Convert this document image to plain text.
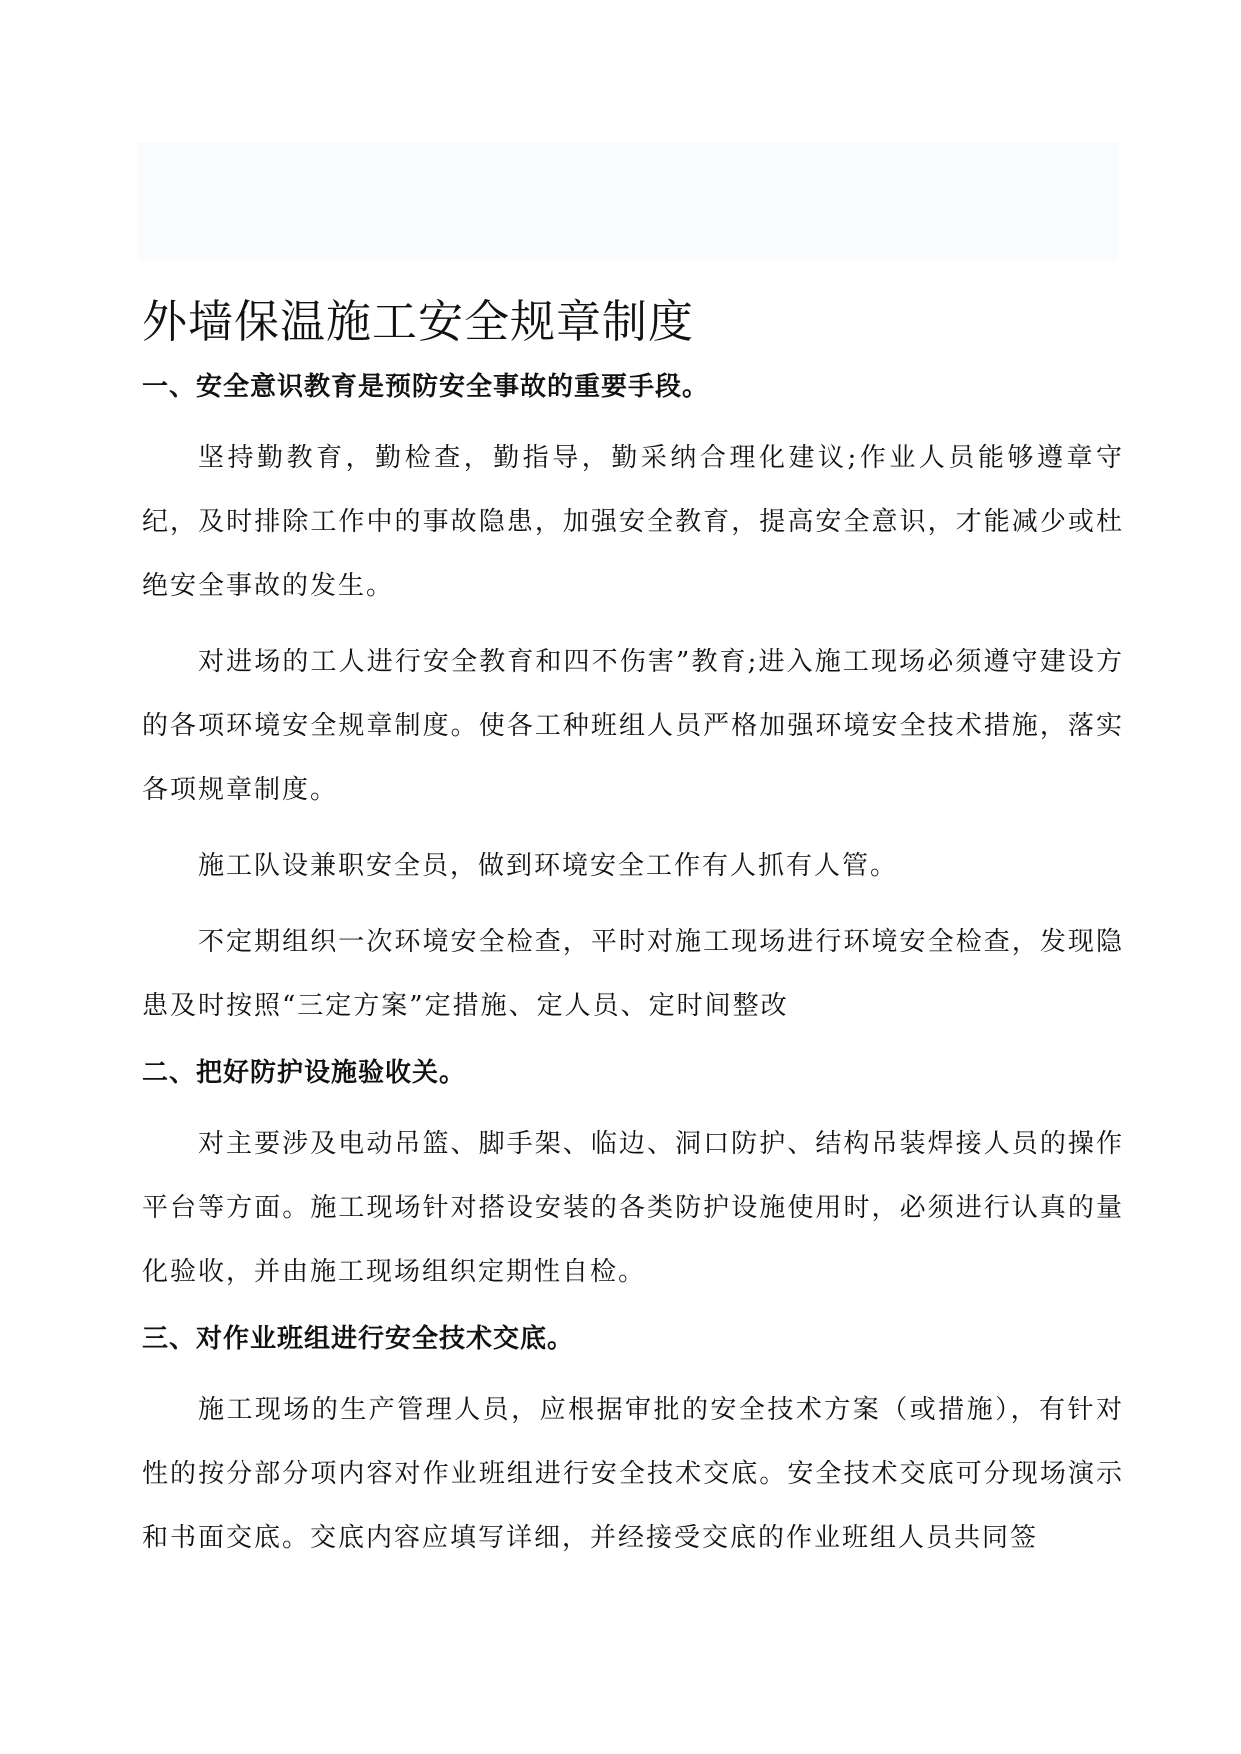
外墙保温施工安全规章制度
一、安全意识教育是预防安全事故的重要手段。

坚持勤教育，勤检查，勤指导，勤采纳合理化建议;作业人员能够遵章守纪，及时排除工作中的事故隐患，加强安全教育，提高安全意识，才能减少或杜绝安全事故的发生。

对进场的工人进行安全教育和四不伤害”教育;进入施工现场必须遵守建设方的各项环境安全规章制度。使各工种班组人员严格加强环境安全技术措施，落实各项规章制度。

施工队设兼职安全员，做到环境安全工作有人抓有人管。

不定期组织一次环境安全检查，平时对施工现场进行环境安全检查，发现隐患及时按照“三定方案”定措施、定人员、定时间整改

二、把好防护设施验收关。

对主要涉及电动吊篮、脚手架、临边、洞口防护、结构吊装焊接人员的操作平台等方面。施工现场针对搭设安装的各类防护设施使用时，必须进行认真的量化验收，并由施工现场组织定期性自检。

三、对作业班组进行安全技术交底。

施工现场的生产管理人员，应根据审批的安全技术方案（或措施），有针对性的按分部分项内容对作业班组进行安全技术交底。安全技术交底可分现场演示和书面交底。交底内容应填写详细，并经接受交底的作业班组人员共同签
